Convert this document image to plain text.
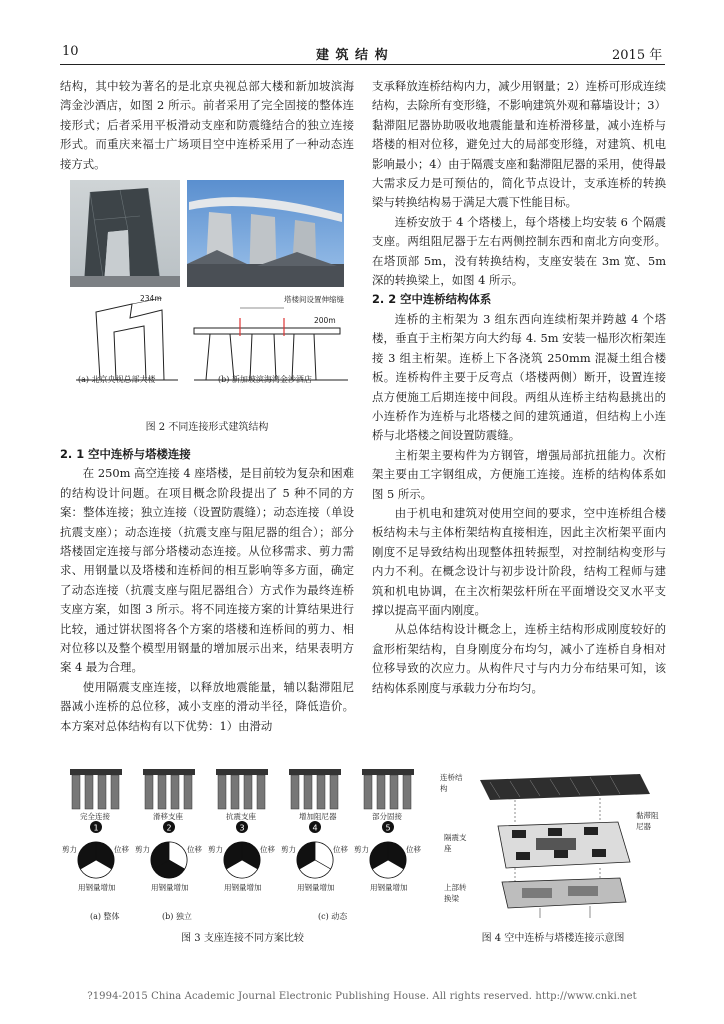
10	建 筑 结 构	2015 年

结构，其中较为著名的是北京央视总部大楼和新加坡滨海湾金沙酒店，如图 2 所示。前者采用了完全固接的整体连接形式；后者采用平板滑动支座和防震缝结合的独立连接形式。而重庆来福士广场项目空中连桥采用了一种动态连接方式。

234m	塔楼间设置伸缩缝
200m
(a) 北京央视总部大楼	(b) 新加坡滨海湾金沙酒店
图 2 不同连接形式建筑结构

2. 1 空中连桥与塔楼连接

在 250m 高空连接 4 座塔楼，是目前较为复杂和困难的结构设计问题。在项目概念阶段提出了 5 种不同的方案：整体连接；独立连接（设置防震缝）；动态连接（单设抗震支座）；动态连接（抗震支座与阻尼器的组合）；部分塔楼固定连接与部分塔楼动态连接。从位移需求、剪力需求、用钢量以及塔楼和连桥间的相互影响等多方面，确定了动态连接（抗震支座与阻尼器组合）方式作为最终连桥支座方案，如图 3 所示。将不同连接方案的计算结果进行比较，通过饼状图将各个方案的塔楼和连桥间的剪力、相对位移以及整个模型用钢量的增加展示出来，结果表明方案 4 最为合理。

使用隔震支座连接，以释放地震能量，辅以黏滞阻尼器减小连桥的总位移，减小支座的滑动半径，降低造价。本方案对总体结构有以下优势：1）由滑动

支承释放连桥结构内力，减少用钢量；2）连桥可形成连续结构，去除所有变形缝，不影响建筑外观和幕墙设计；3）黏滞阻尼器协助吸收地震能量和连桥滑移量，减小连桥与塔楼的相对位移，避免过大的局部变形缝，对建筑、机电影响最小；4）由于隔震支座和黏滞阻尼器的采用，使得最大需求反力是可预估的，简化节点设计，支承连桥的转换梁与转换结构易于满足大震下性能目标。

连桥安放于 4 个塔楼上，每个塔楼上均安装 6 个隔震支座。两组阻尼器于左右两侧控制东西和南北方向变形。在塔顶部 5m，没有转换结构，支座安装在 3m 宽、5m 深的转换梁上，如图 4 所示。

2. 2 空中连桥结构体系

连桥的主桁架为 3 组东西向连续桁架并跨越 4 个塔楼，垂直于主桁架方向大约每 4. 5m 安装一榀形次桁架连接 3 组主桁架。连桥上下各浇筑 250mm 混凝土组合楼板。连桥构件主要于反弯点（塔楼两侧）断开，设置连接点方便施工后期连接中间段。两组从连桥主结构悬挑出的小连桥作为连桥与北塔楼之间的建筑通道，但结构上小连桥与北塔楼之间设置防震缝。

主桁架主要构件为方钢管，增强局部抗扭能力。次桁架主要由工字钢组成，方便施工连接。连桥的结构体系如图 5 所示。

由于机电和建筑对使用空间的要求，空中连桥组合楼板结构未与主体桁架结构直接相连，因此主次桁架平面内刚度不足导致结构出现整体扭转振型，对控制结构变形与内力不利。在概念设计与初步设计阶段，结构工程师与建筑和机电协调，在主次桁架弦杆所在平面增设交叉水平支撑以提高平面内刚度。

从总体结构设计概念上，连桥主结构形成刚度较好的盒形桁架结构，自身刚度分布均匀，减小了连桥自身相对位移导致的次应力。从构件尺寸与内力分布结果可知，该结构体系刚度与承载力分布均匀。

1	2	3	4	5
完全连接
剪力	位移
用钢量增加
滑移支座
剪力	位移
用钢量增加
抗震支座
剪力	位移
用钢量增加
增加阻尼器
剪力	位移
用钢量增加
部分固接
剪力	位移
用钢量增加
(a) 整体	(b) 独立	(c) 动态
图 3 支座连接不同方案比较
连桥结构
黏滞阻尼器
隔震支座
上部转换梁
图 4 空中连桥与塔楼连接示意图
?1994-2015 China Academic Journal Electronic Publishing House. All rights reserved. http://www.cnki.net
